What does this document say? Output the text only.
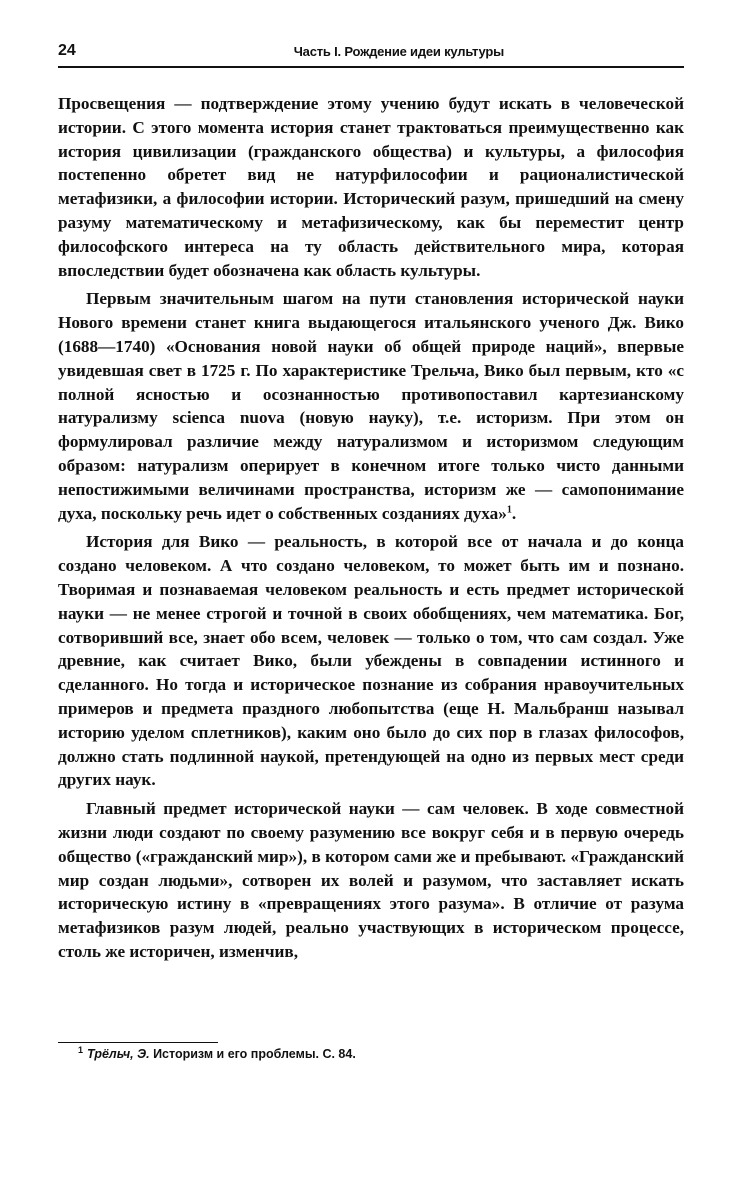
24	Часть I. Рождение идеи культуры

Просвещения — подтверждение этому учению будут искать в человеческой истории. С этого момента история станет трактоваться преимущественно как история цивилизации (гражданского общества) и культуры, а философия постепенно обретет вид не натурфилософии и рационалистической метафизики, а философии истории. Исторический разум, пришедший на смену разуму математическому и метафизическому, как бы переместит центр философского интереса на ту область действительного мира, которая впоследствии будет обозначена как область культуры.

Первым значительным шагом на пути становления исторической науки Нового времени станет книга выдающегося итальянского ученого Дж. Вико (1688—1740) «Основания новой науки об общей природе наций», впервые увидевшая свет в 1725 г. По характеристике Трельча, Вико был первым, кто «с полной ясностью и осознанностью противопоставил картезианскому натурализму scienca nuova (новую науку), т.е. историзм. При этом он формулировал различие между натурализмом и историзмом следующим образом: натурализм оперирует в конечном итоге только чисто данными непостижимыми величинами пространства, историзм же — самопонимание духа, поскольку речь идет о собственных созданиях духа»$^1$.

История для Вико — реальность, в которой все от начала и до конца создано человеком. А что создано человеком, то может быть им и познано. Творимая и познаваемая человеком реальность и есть предмет исторической науки — не менее строгой и точной в своих обобщениях, чем математика. Бог, сотворивший все, знает обо всем, человек — только о том, что сам создал. Уже древние, как считает Вико, были убеждены в совпадении истинного и сделанного. Но тогда и историческое познание из собрания нравоучительных примеров и предмета праздного любопытства (еще Н. Мальбранш называл историю уделом сплетников), каким оно было до сих пор в глазах философов, должно стать подлинной наукой, претендующей на одно из первых мест среди других наук.

Главный предмет исторической науки — сам человек. В ходе совместной жизни люди создают по своему разумению все вокруг себя и в первую очередь общество («гражданский мир»), в котором сами же и пребывают. «Гражданский мир создан людьми», сотворен их волей и разумом, что заставляет искать историческую истину в «превращениях этого разума». В отличие от разума метафизиков разум людей, реально участвующих в историческом процессе, столь же историчен, изменчив,

$^1$ Трёльч, Э. Историзм и его проблемы. С. 84.
